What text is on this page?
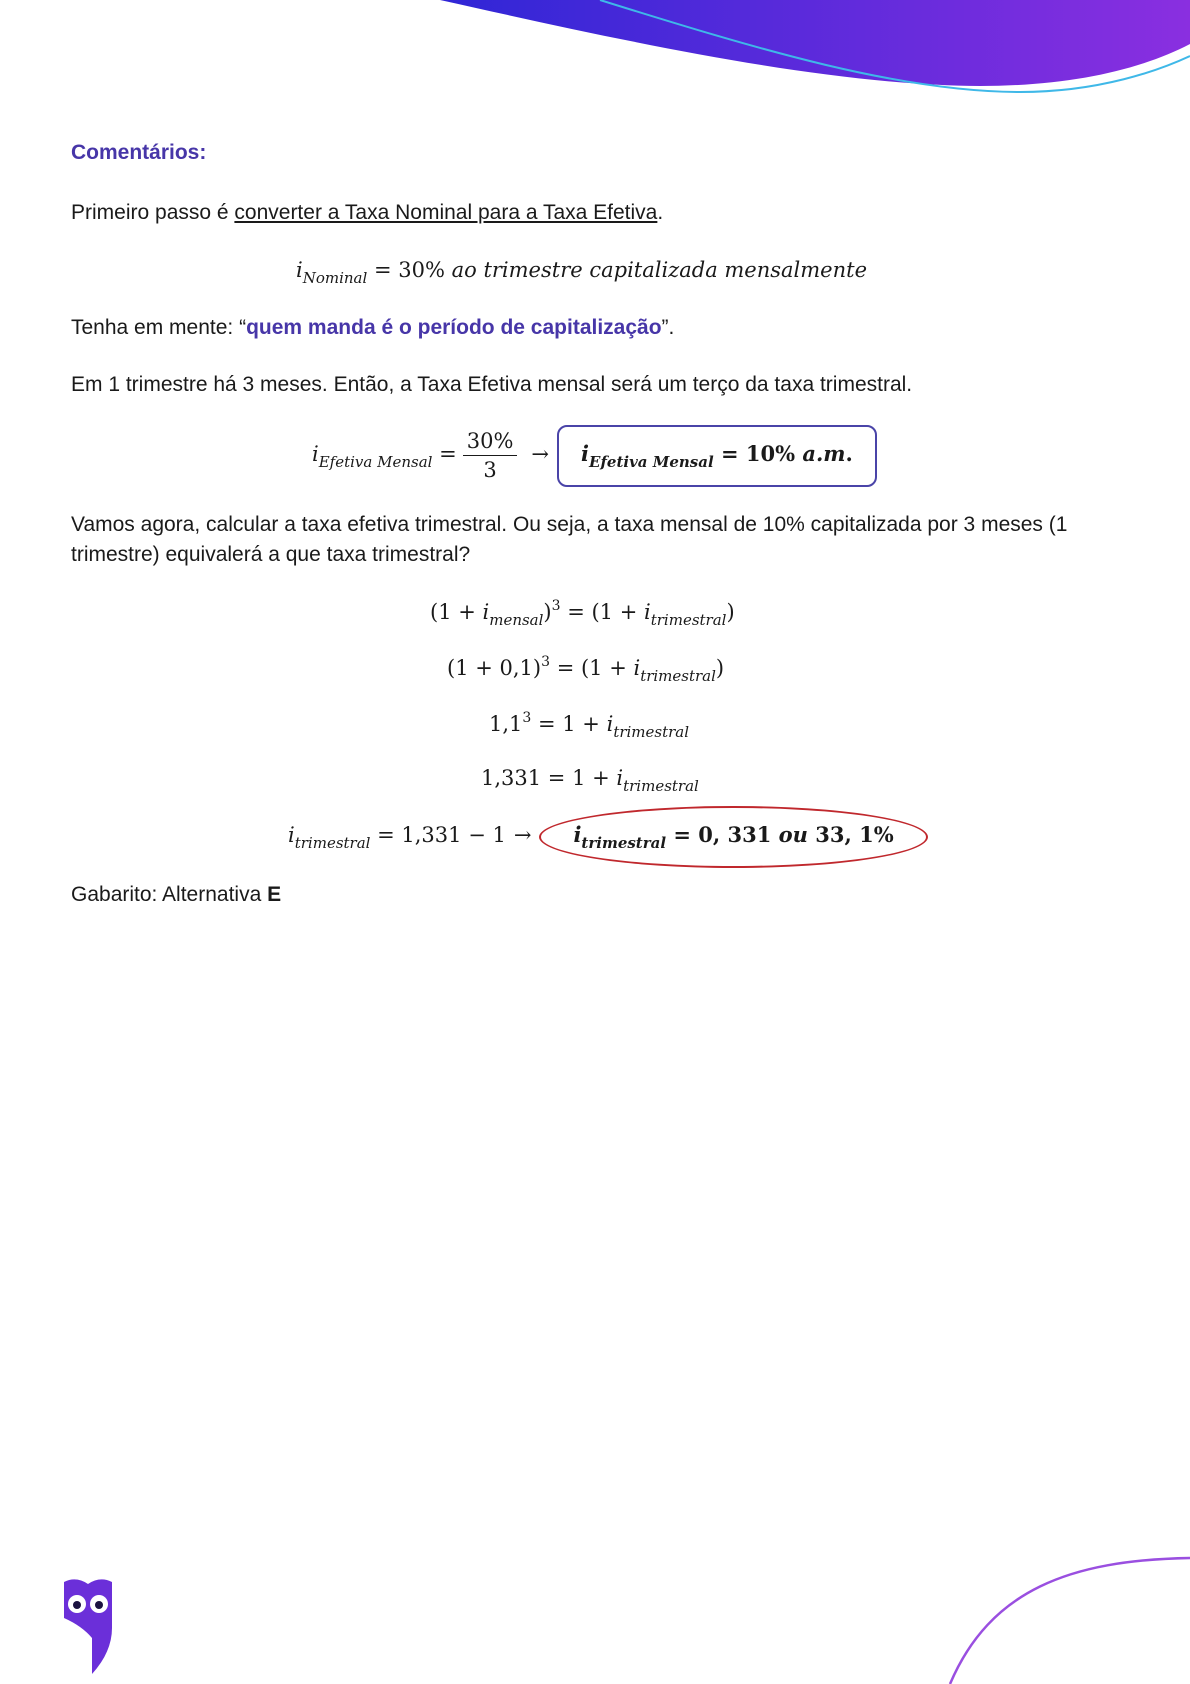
Comentários:
Primeiro passo é converter a Taxa Nominal para a Taxa Efetiva.
$i_{Nominal} = 30\%$ ao trimestre capitalizada mensalmente
Tenha em mente: “quem manda é o período de capitalização”.
Em 1 trimestre há 3 meses. Então, a Taxa Efetiva mensal será um terço da taxa trimestral.
$i_{Efetiva Mensal} = \frac{30\%}{3} \to i_{Efetiva Mensal} = 10\%$ a.m.
Vamos agora, calcular a taxa efetiva trimestral. Ou seja, a taxa mensal de 10% capitalizada por 3 meses (1 trimestre) equivalerá a que taxa trimestral?
$(1 + i_{mensal})^3 = (1 + i_{trimestral})$
$(1 + 0,1)^3 = (1 + i_{trimestral})$
$1,1^3 = 1 + i_{trimestral}$
$1,331 = 1 + i_{trimestral}$
$i_{trimestral} = 1,331 - 1 \to i_{trimestral} = 0$, 331 ou 33, 1%
Gabarito: Alternativa E
